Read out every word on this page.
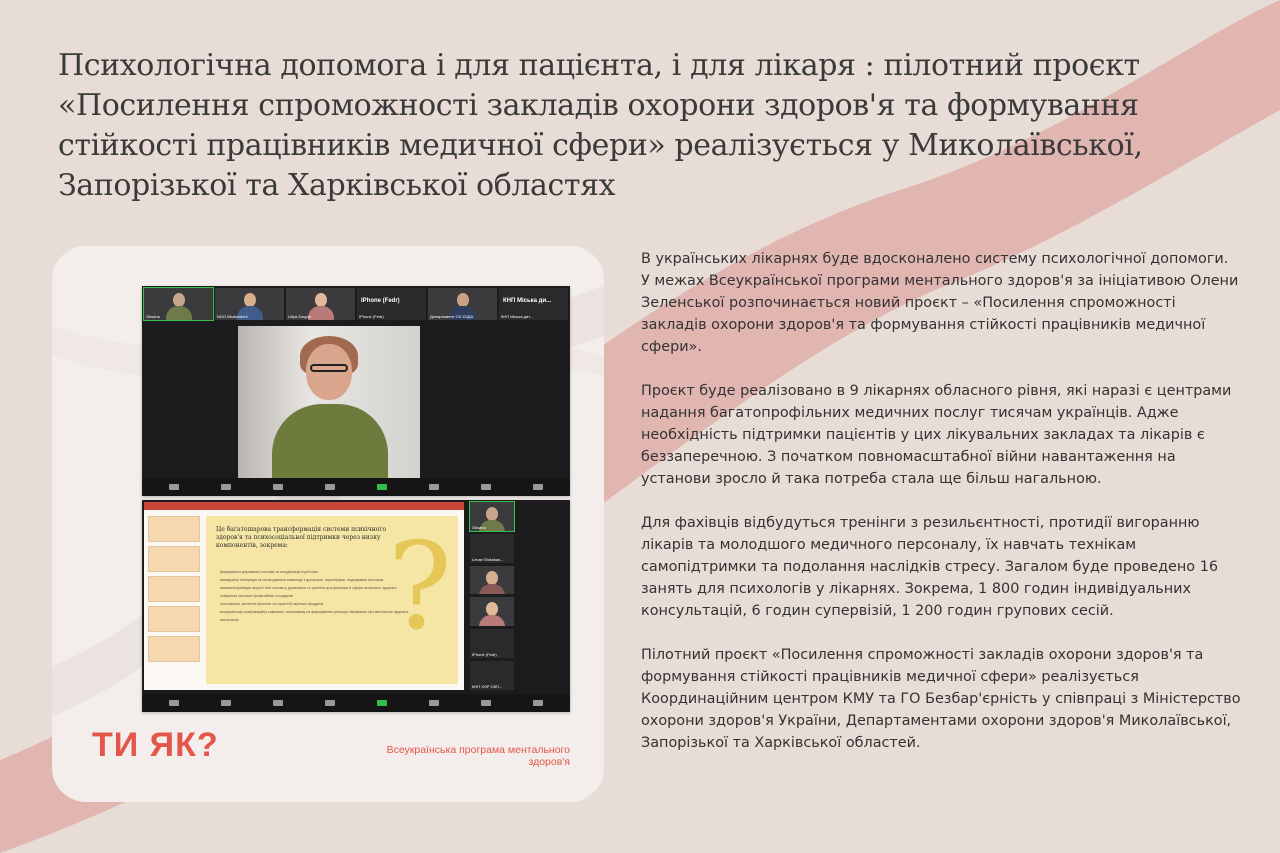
Психологічна допомога і для пацієнта, і для лікаря : пілотний проєкт «Посилення спроможності закладів охорони здоров'я та формування стійкості працівників медичної сфери» реалізується у Миколаївської, Запорізької та Харківської областях
Oksana	NGO Bezbarierni	Liliya Zorgua
IPhone (Fedr)
IPhone (Fedr)	Департамент ОЗ ХОДА
КНП Міська ди...
КНП Міська дит...
?
Це багатошарова трансформація системи психічного здоров'я та психосоціальної підтримки через низку компонентів, зокрема:
формування державної політики та координація в регіонах
міжвідомчу співпрацю та налагодження взаємодії з донорами, партнерами, неурядовим сектором
навчання фахівців першої лінії контакту, доначання та тренінги для фахівців зі сфери психічного здоров'я
створення системи професійних стандартів
пілотування, втілення проєктів та стратегій окремих продуктів
всеукраїнську комунікаційну кампанію, спрямовану на формування культури піклування про ментальне здоров'я, антистигму
Oksana
Levan Shishkas...
IPhone (Fedr)
КНП ХОР ОКП...

ТИ ЯК?	Всеукраїнська програма ментального здоров'я

В українських лікарнях буде вдосконалено систему психологічної допомоги. У межах Всеукраїнської програми ментального здоров'я за ініціативою Олени Зеленської розпочинається новий проєкт – «Посилення спроможності закладів охорони здоров'я та формування стійкості працівників медичної сфери».

Проєкт буде реалізовано в 9 лікарнях обласного рівня, які наразі є центрами надання багатопрофільних медичних послуг тисячам українців. Адже необхідність підтримки пацієнтів у цих лікувальних закладах та лікарів є беззаперечною. З початком повномасштабної війни навантаження на установи зросло й така потреба стала ще більш нагальною.

Для фахівців відбудуться тренінги з резильєнтності, протидії вигоранню лікарів та молодшого медичного персоналу, їх навчать технікам самопідтримки та подолання наслідків стресу. Загалом буде проведено 16 занять для психологів у лікарнях. Зокрема, 1 800 годин індивідуальних консультацій, 6 годин супервізій, 1 200 годин групових сесій.

Пілотний проєкт «Посилення спроможності закладів охорони здоров'я та формування стійкості працівників медичної сфери» реалізується Координаційним центром КМУ та ГО Безбар'єрність у співпраці з Міністерство охорони здоров'я України, Департаментами охорони здоров'я Миколаївської, Запорізької та Харківської областей.
